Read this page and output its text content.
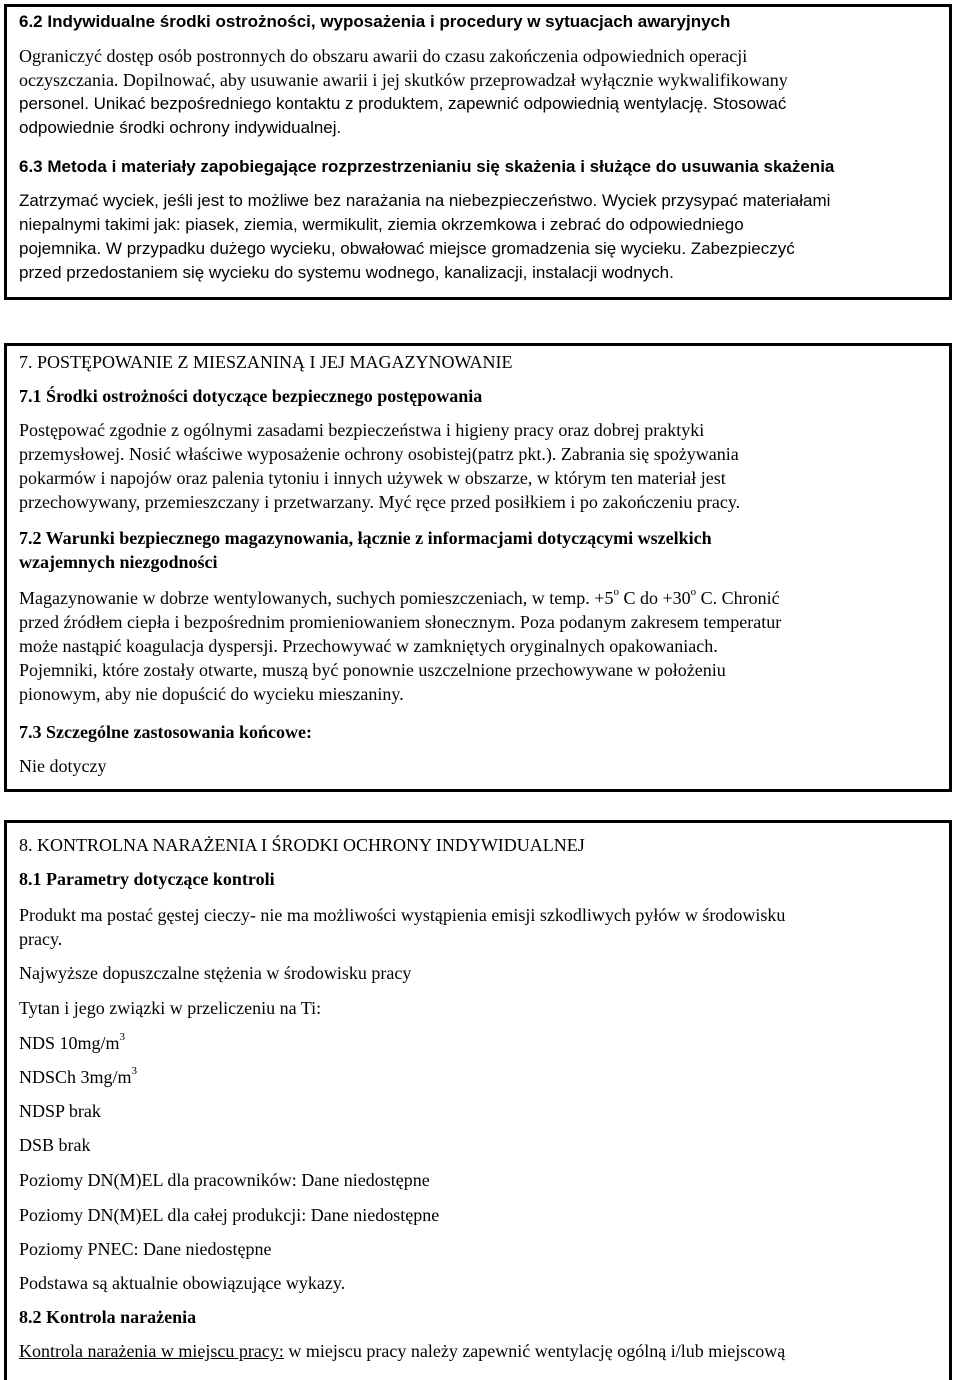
6.2 Indywidualne środki ostrożności, wyposażenia i procedury w sytuacjach awaryjnych
Ograniczyć dostęp osób postronnych do obszaru awarii do czasu zakończenia odpowiednich operacji
oczyszczania. Dopilnować, aby usuwanie awarii i jej skutków przeprowadzał wyłącznie wykwalifikowany
personel. Unikać bezpośredniego kontaktu z produktem, zapewnić odpowiednią wentylację. Stosować
odpowiednie środki ochrony indywidualnej.
6.3 Metoda i materiały zapobiegające rozprzestrzenianiu się skażenia i służące do usuwania skażenia
Zatrzymać wyciek, jeśli jest to możliwe bez narażania na niebezpieczeństwo. Wyciek przysypać materiałami
niepalnymi takimi jak: piasek, ziemia, wermikulit, ziemia okrzemkowa i zebrać do odpowiedniego
pojemnika. W przypadku dużego wycieku, obwałować miejsce gromadzenia się wycieku. Zabezpieczyć
przed przedostaniem się wycieku do systemu wodnego, kanalizacji, instalacji wodnych.
7. POSTĘPOWANIE Z MIESZANINĄ I JEJ MAGAZYNOWANIE
7.1 Środki ostrożności dotyczące bezpiecznego postępowania
Postępować zgodnie z ogólnymi zasadami bezpieczeństwa i higieny pracy oraz dobrej praktyki
przemysłowej. Nosić właściwe wyposażenie ochrony osobistej(patrz pkt.). Zabrania się spożywania
pokarmów i napojów oraz palenia tytoniu i innych używek w obszarze, w którym ten materiał jest
przechowywany, przemieszczany i przetwarzany. Myć ręce przed posiłkiem i po zakończeniu pracy.
7.2 Warunki bezpiecznego magazynowania, łącznie z informacjami dotyczącymi wszelkich
wzajemnych niezgodności
Magazynowanie w dobrze wentylowanych, suchych pomieszczeniach, w temp. $+5^o$ C do $+30^o$ C. Chronić
przed źródłem ciepła i bezpośrednim promieniowaniem słonecznym. Poza podanym zakresem temperatur
może nastąpić koagulacja dyspersji. Przechowywać w zamkniętych oryginalnych opakowaniach.
Pojemniki, które zostały otwarte, muszą być ponownie uszczelnione przechowywane w położeniu
pionowym, aby nie dopuścić do wycieku mieszaniny.
7.3 Szczególne zastosowania końcowe:
Nie dotyczy
8. KONTROLNA NARAŻENIA I ŚRODKI OCHRONY INDYWIDUALNEJ
8.1 Parametry dotyczące kontroli
Produkt ma postać gęstej cieczy- nie ma możliwości wystąpienia emisji szkodliwych pyłów w środowisku
pracy.
Najwyższe dopuszczalne stężenia w środowisku pracy
Tytan i jego związki w przeliczeniu na Ti:
NDS $10mg/m^3$
NDSCh $3mg/m^3$
NDSP brak
DSB brak
Poziomy DN(M)EL dla pracowników: Dane niedostępne
Poziomy DN(M)EL dla całej produkcji: Dane niedostępne
Poziomy PNEC: Dane niedostępne
Podstawa są aktualnie obowiązujące wykazy.
8.2 Kontrola narażenia
Kontrola narażenia w miejscu pracy: w miejscu pracy należy zapewnić wentylację ogólną i/lub miejscową
